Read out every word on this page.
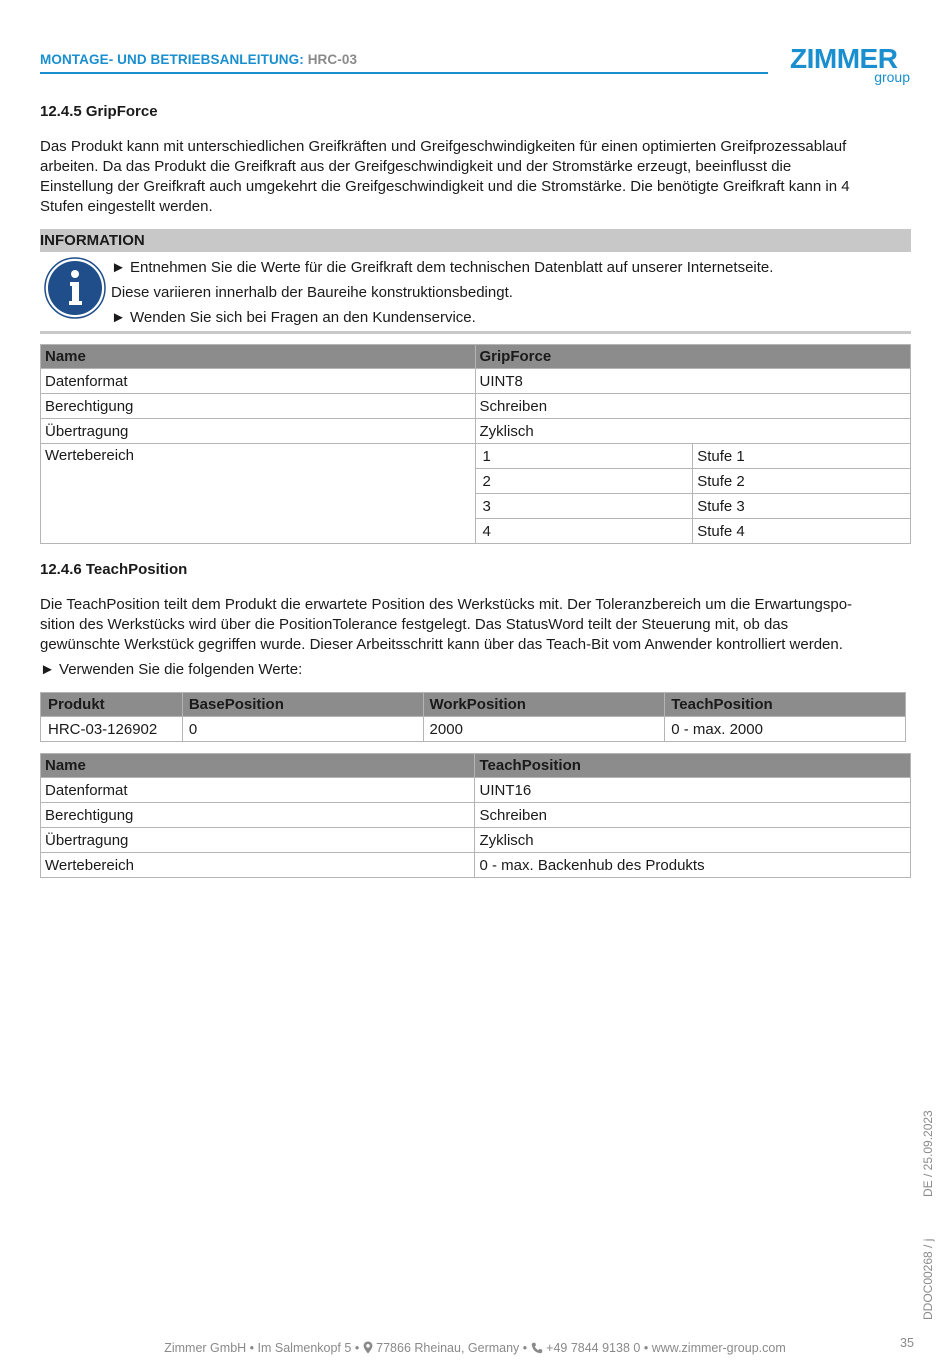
MONTAGE- UND BETRIEBSANLEITUNG: HRC-03	ZIMMER
group
12.4.5 GripForce
Das Produkt kann mit unterschiedlichen Greifkräften und Greifgeschwindigkeiten für einen optimierten Greifprozessablauf
arbeiten. Da das Produkt die Greifkraft aus der Greifgeschwindigkeit und der Stromstärke erzeugt, beeinflusst die
Einstellung der Greifkraft auch umgekehrt die Greifgeschwindigkeit und die Stromstärke. Die benötigte Greifkraft kann in 4
Stufen eingestellt werden.
INFORMATION
► Entnehmen Sie die Werte für die Greifkraft dem technischen Datenblatt auf unserer Internetseite.
Diese variieren innerhalb der Baureihe konstruktionsbedingt.
► Wenden Sie sich bei Fragen an den Kundenservice.
Name	GripForce	
Datenformat	UINT8	
Berechtigung	Schreiben	
Übertragung	Zyklisch	
Wertebereich	1	Stufe 1
	2	Stufe 2
	3	Stufe 3
	4	Stufe 4
12.4.6 TeachPosition
Die TeachPosition teilt dem Produkt die erwartete Position des Werkstücks mit. Der Toleranzbereich um die Erwartungspo-
sition des Werkstücks wird über die PositionTolerance festgelegt. Das StatusWord teilt der Steuerung mit, ob das
gewünschte Werkstück gegriffen wurde. Dieser Arbeitsschritt kann über das Teach-Bit vom Anwender kontrolliert werden.
► Verwenden Sie die folgenden Werte:
Produkt	BasePosition	WorkPosition	TeachPosition
HRC-03-126902	0	2000	0 - max. 2000
Name	TeachPosition
Datenformat	UINT16
Berechtigung	Schreiben
Übertragung	Zyklisch
Wertebereich	0 - max. Backenhub des Produkts
DE / 25.09.2023
DDOC00268 / j
Zimmer GmbH • Im Salmenkopf 5 •  77866 Rheinau, Germany •  +49 7844 9138 0 • www.zimmer-group.com	35
